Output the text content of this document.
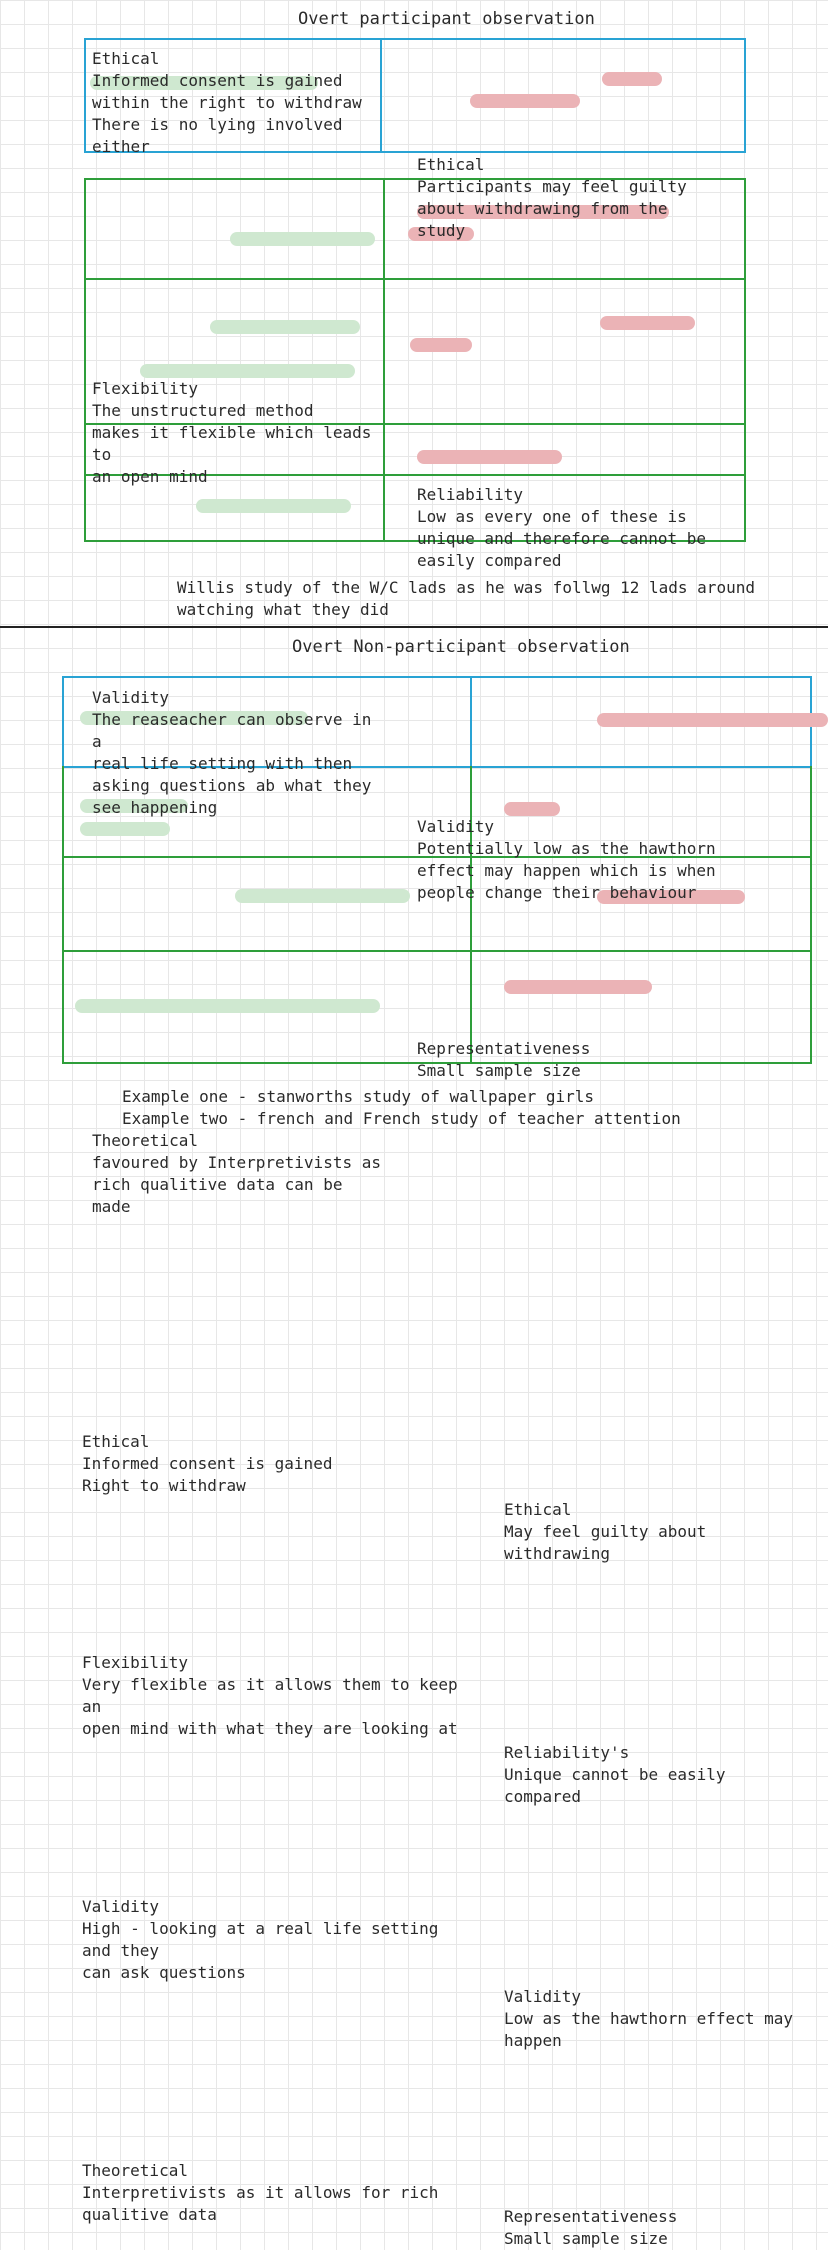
Overt participant observation
Ethical
Informed consent is gained
within the right to withdraw
There is no lying involved either
Ethical
Participants may feel guilty
about withdrawing from the
study
Flexibility
The unstructured method
makes it flexible which leads to
an open mind
Reliability
Low as every one of these is
unique and therefore cannot be
easily compared
Validity
The reaseacher can observe in a
real life setting with then
asking questions ab what they
see happening
Validity
Potentially low as the hawthorn
effect may happen which is when
people change their behaviour
Representativeness
Small sample size
Theoretical
favoured by Interpretivists as
rich qualitive data can be made
Willis study of the W/C lads as he was follwg 12 lads around
watching what they did
Overt Non-participant observation
Ethical
Informed consent is gained
Right to withdraw
Ethical
May feel guilty about withdrawing
Flexibility
Very flexible as it allows them to keep an
open mind with what they are looking at
Reliability's
Unique cannot be easily compared
Validity
High - looking at a real life setting and they
can ask questions
Validity
Low as the hawthorn effect may
happen
Theoretical
Interpretivists as it allows for rich
qualitive data	Representativeness
Small sample size
Example one - stanworths study of wallpaper girls
Example two - french and French study of teacher attention
